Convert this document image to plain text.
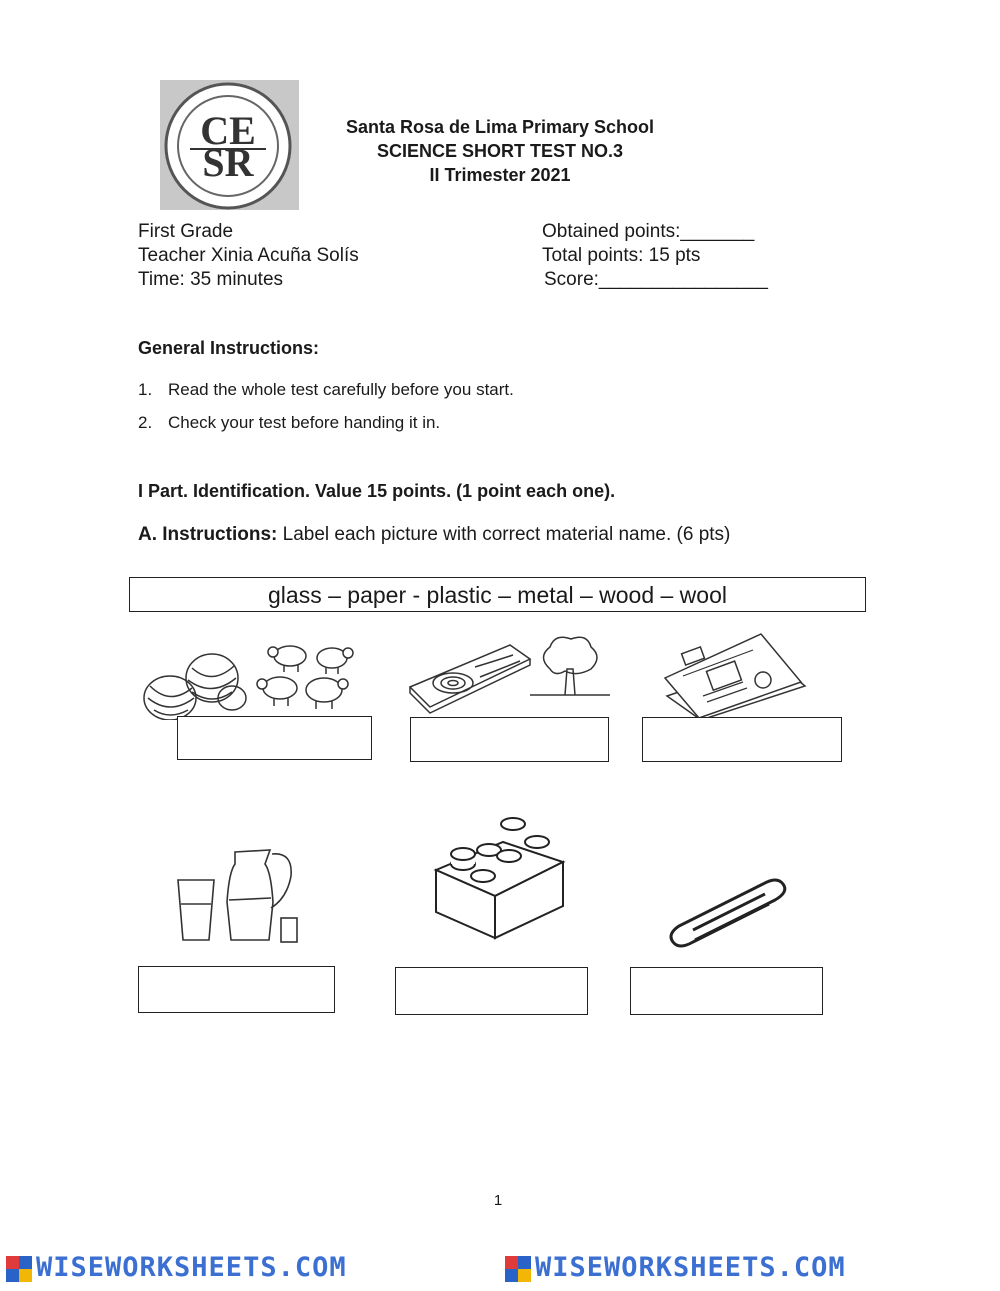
CE
SR
Santa Rosa de Lima Primary School
SCIENCE SHORT TEST NO.3
II Trimester 2021
First Grade
Teacher Xinia Acuña Solís
Time: 35 minutes
Obtained points:_______
Total points: 15 pts
Score:________________
General Instructions:
1. Read the whole test carefully before you start.
2. Check your test before handing it in.
I Part. Identification. Value 15 points. (1 point each one).
A. Instructions: Label each picture with correct material name. (6 pts)
glass – paper - plastic – metal – wood – wool
1
WISEWORKSHEETS.COM	WISEWORKSHEETS.COM
